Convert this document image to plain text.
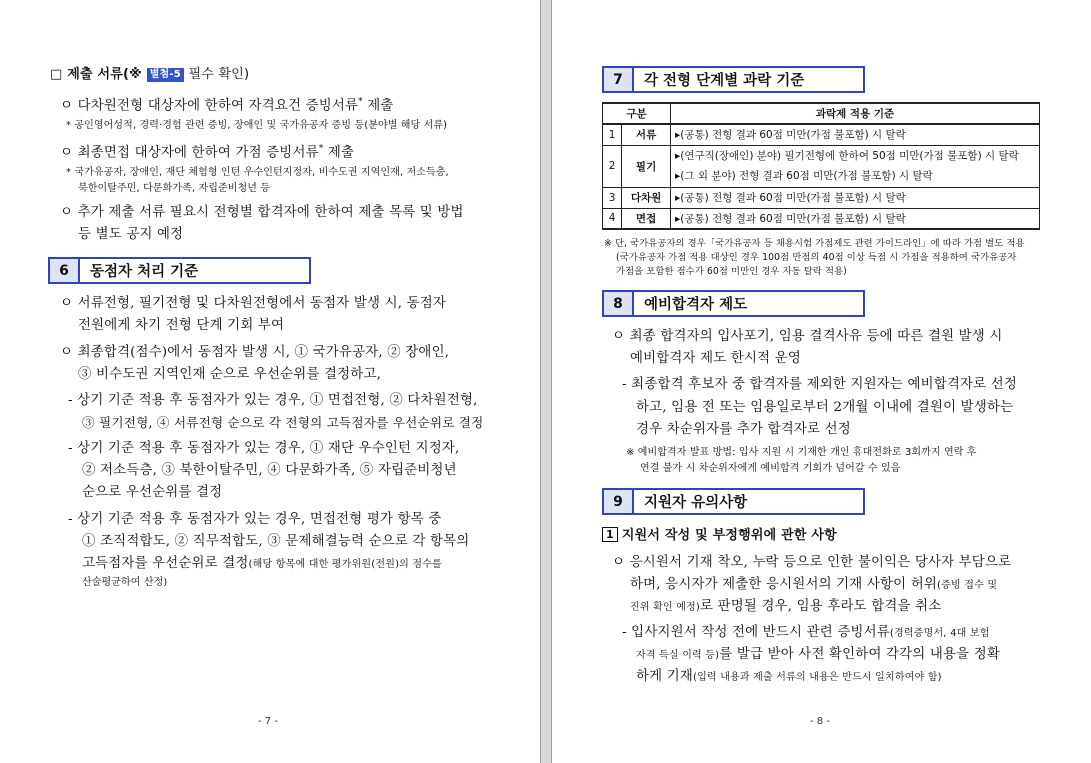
□ 제출 서류(※ 별첨-5 필수 확인)
ㅇ 다차원전형 대상자에 한하여 자격요건 증빙서류* 제출
* 공인영어성적, 경력·경험 관련 증빙, 장애인 및 국가유공자 증빙 등(분야별 해당 서류)
ㅇ 최종면접 대상자에 한하여 가점 증빙서류* 제출
* 국가유공자, 장애인, 재단 체험형 인턴 우수인턴지정자, 비수도권 지역인재, 저소득층,
북한이탈주민, 다문화가족, 자립준비청년 등
ㅇ 추가 제출 서류 필요시 전형별 합격자에 한하여 제출 목록 및 방법
등 별도 공지 예정
6	동점자 처리 기준
ㅇ 서류전형, 필기전형 및 다차원전형에서 동점자 발생 시, 동점자
전원에게 차기 전형 단계 기회 부여
ㅇ 최종합격(점수)에서 동점자 발생 시, ① 국가유공자, ② 장애인,
③ 비수도권 지역인재 순으로 우선순위를 결정하고,
- 상기 기준 적용 후 동점자가 있는 경우, ① 면접전형, ② 다차원전형,
③ 필기전형, ④ 서류전형 순으로 각 전형의 고득점자를 우선순위로 결정
- 상기 기준 적용 후 동점자가 있는 경우, ① 재단 우수인턴 지정자,
② 저소득층, ③ 북한이탈주민, ④ 다문화가족, ⑤ 자립준비청년
순으로 우선순위를 결정
- 상기 기준 적용 후 동점자가 있는 경우, 면접전형 평가 항목 중
① 조직적합도, ② 직무적합도, ③ 문제해결능력 순으로 각 항목의
고득점자를 우선순위로 결정(해당 항목에 대한 평가위원(전원)의 점수를
산술평균하여 산정)
- 7 -
7	각 전형 단계별 과락 기준
구분		과락제 적용 기준
1	서류	▸(공통) 전형 결과 60점 미만(가점 불포함) 시 탈락
2	필기	▸(연구직(장애인) 분야) 필기전형에 한하여 50점 미만(가점 불포함) 시 탈락
▸(그 외 분야) 전형 결과 60점 미만(가점 불포함) 시 탈락

3	다차원	▸(공통) 전형 결과 60점 미만(가점 불포함) 시 탈락
4	면접	▸(공통) 전형 결과 60점 미만(가점 불포함) 시 탈락
※ 단, 국가유공자의 경우「국가유공자 등 채용시험 가점제도 관련 가이드라인」에 따라 가점 별도 적용
(국가유공자 가점 적용 대상인 경우 100점 만점의 40점 이상 득점 시 가점을 적용하여 국가유공자
가점을 포함한 점수가 60점 미만인 경우 자동 탈락 적용)
8	예비합격자 제도
ㅇ 최종 합격자의 입사포기, 임용 결격사유 등에 따른 결원 발생 시
예비합격자 제도 한시적 운영
- 최종합격 후보자 중 합격자를 제외한 지원자는 예비합격자로 선정
하고, 임용 전 또는 임용일로부터 2개월 이내에 결원이 발생하는
경우 차순위자를 추가 합격자로 선정
※ 예비합격자 발표 방법: 입사 지원 시 기재한 개인 휴대전화로 3회까지 연락 후
연결 불가 시 차순위자에게 예비합격 기회가 넘어갈 수 있음
9	지원자 유의사항
1 지원서 작성 및 부정행위에 관한 사항
ㅇ 응시원서 기재 착오, 누락 등으로 인한 불이익은 당사자 부담으로
하며, 응시자가 제출한 응시원서의 기재 사항이 허위(증빙 접수 및
진위 확인 예정)로 판명될 경우, 임용 후라도 합격을 취소
- 입사지원서 작성 전에 반드시 관련 증빙서류(경력증명서, 4대 보험
자격 득실 이력 등)를 발급 받아 사전 확인하여 각각의 내용을 정확
하게 기재(입력 내용과 제출 서류의 내용은 반드시 일치하여야 함)
- 8 -
